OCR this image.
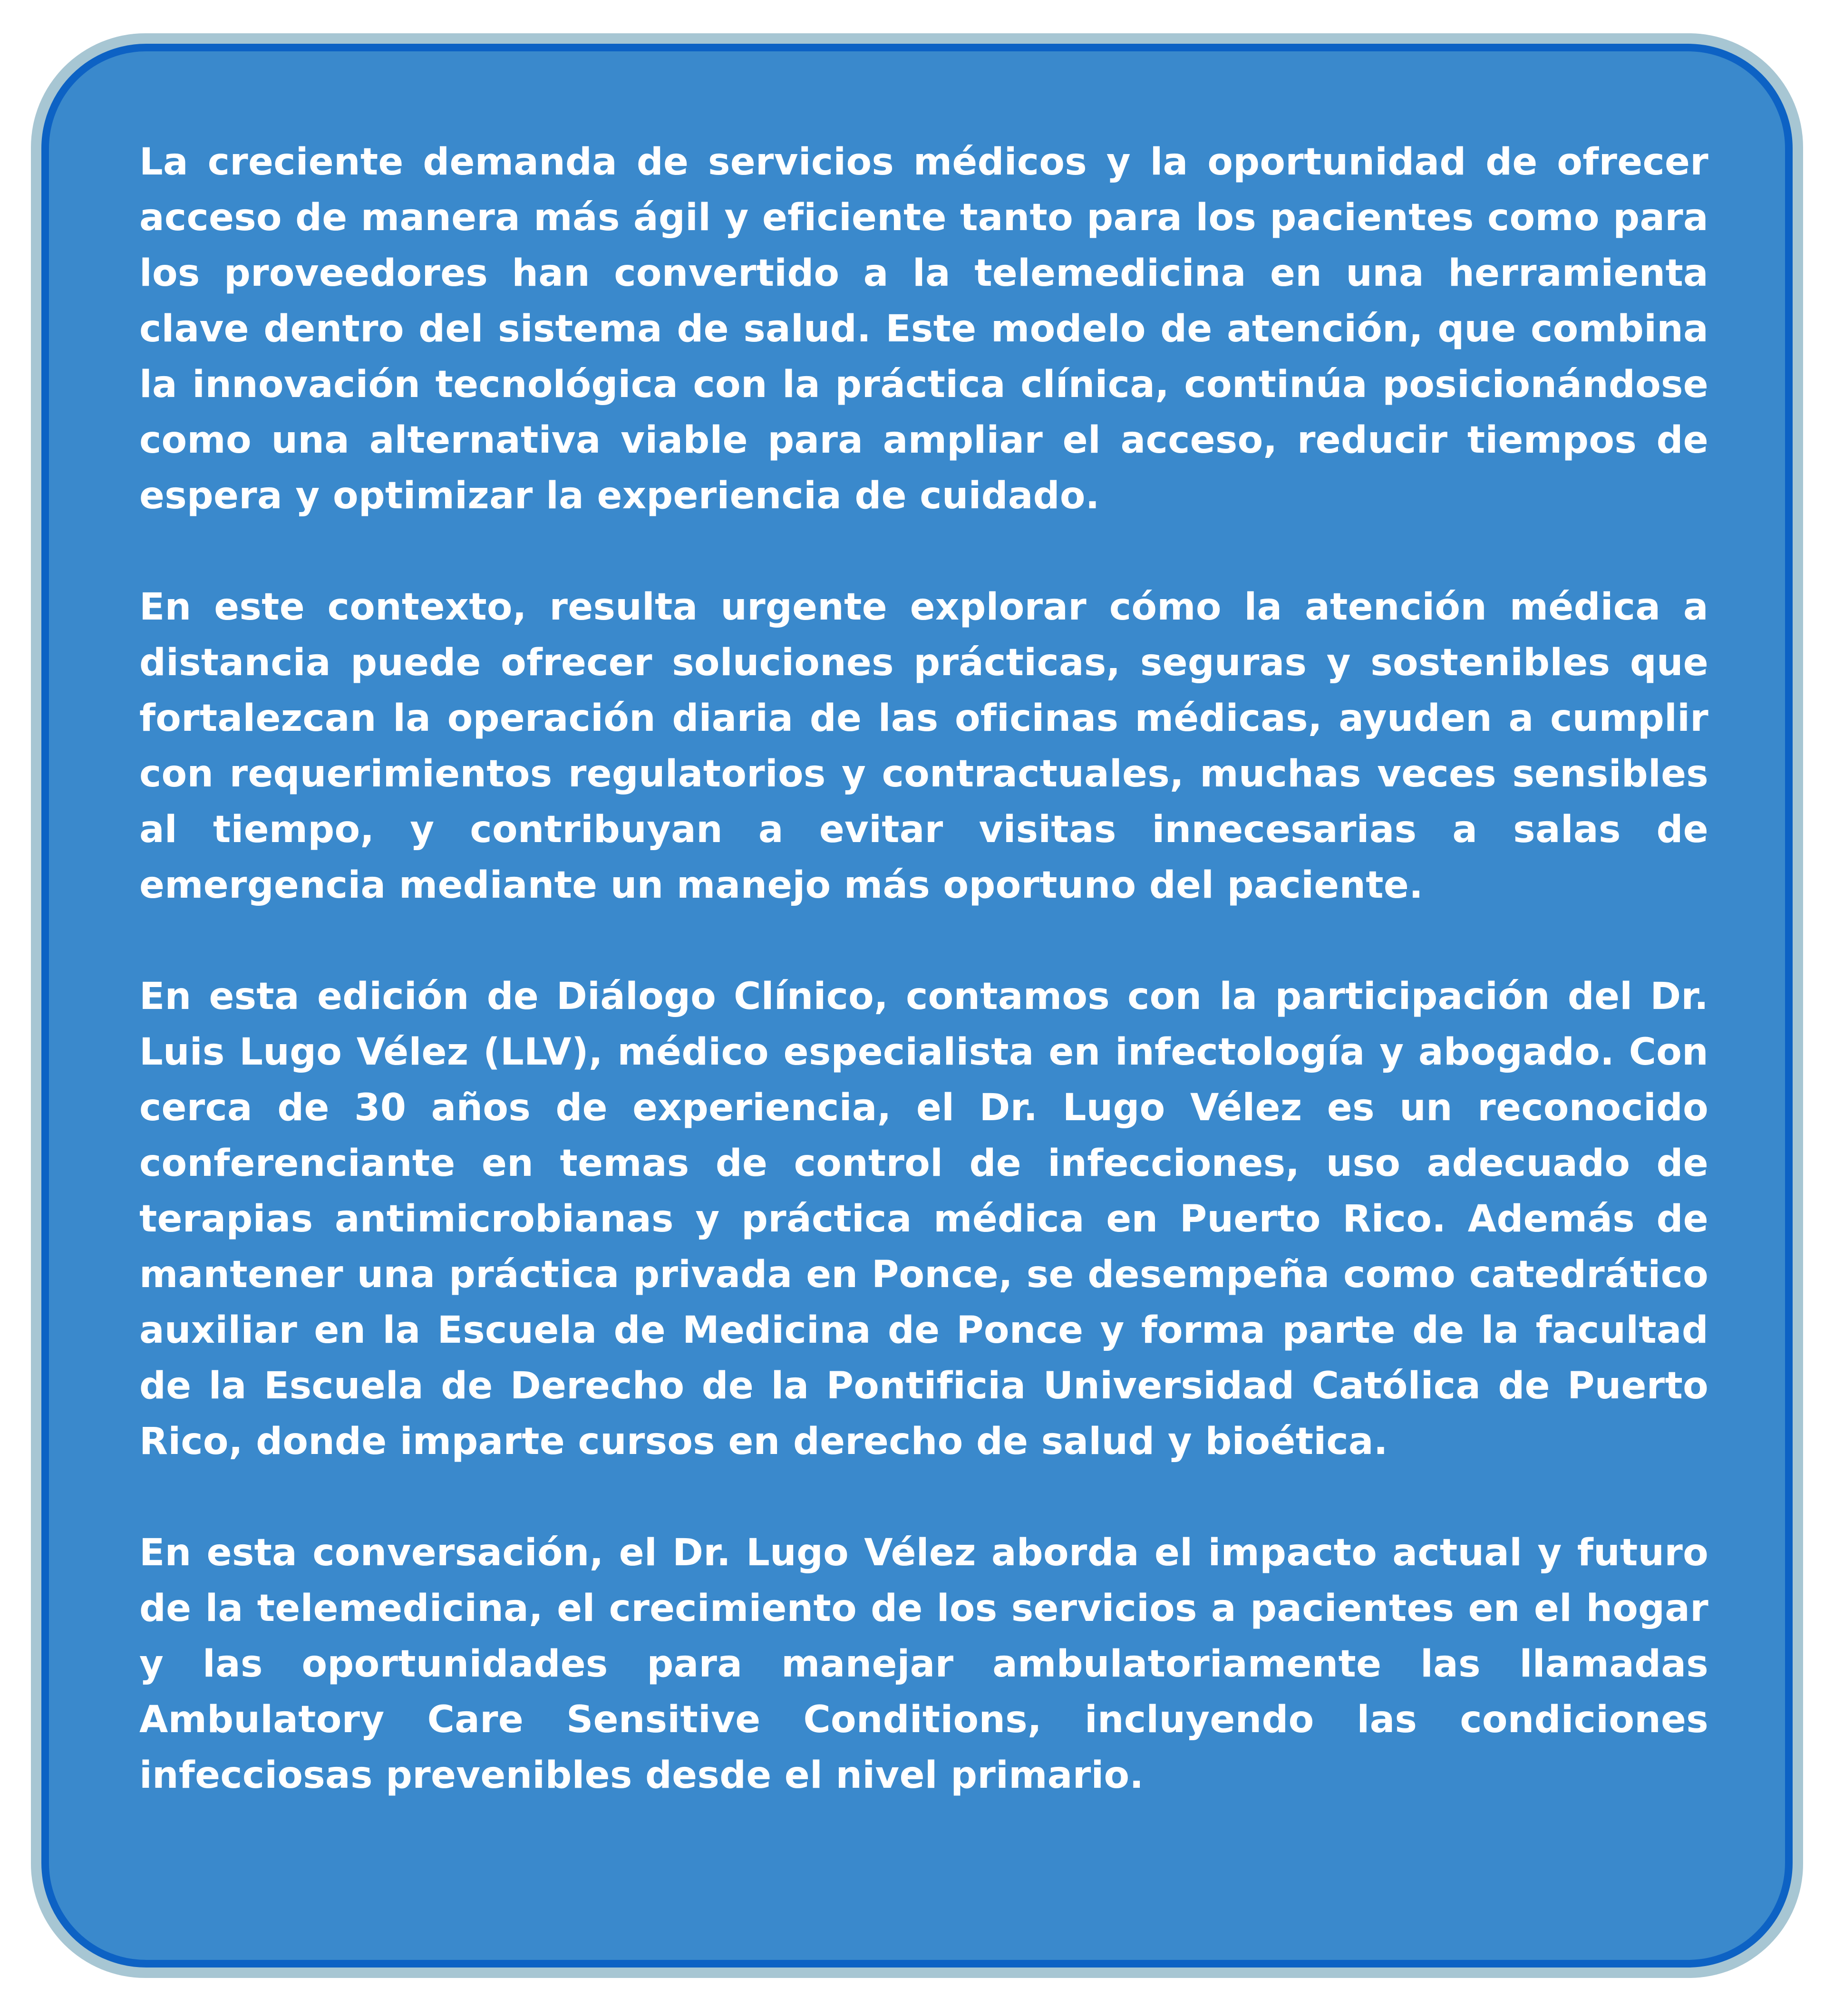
La creciente demanda de servicios médicos y la oportunidad de ofrecer acceso de manera más ágil y eficiente tanto para los pacientes como para los proveedores han convertido a la telemedicina en una herramienta clave dentro del sistema de salud. Este modelo de atención, que combina la innovación tecnológica con la práctica clínica, continúa posicionándose como una alternativa viable para ampliar el acceso, reducir tiempos de espera y optimizar la experiencia de cuidado.

En este contexto, resulta urgente explorar cómo la atención médica a distancia puede ofrecer soluciones prácticas, seguras y sostenibles que fortalezcan la operación diaria de las oficinas médicas, ayuden a cumplir con requerimientos regulatorios y contractuales, muchas veces sensibles al tiempo, y contribuyan a evitar visitas innecesarias a salas de emergencia mediante un manejo más oportuno del paciente.

En esta edición de Diálogo Clínico, contamos con la participación del Dr. Luis Lugo Vélez (LLV), médico especialista en infectología y abogado. Con cerca de 30 años de experiencia, el Dr. Lugo Vélez es un reconocido conferenciante en temas de control de infecciones, uso adecuado de terapias antimicrobianas y práctica médica en Puerto Rico. Además de mantener una práctica privada en Ponce, se desempeña como catedrático auxiliar en la Escuela de Medicina de Ponce y forma parte de la facultad de la Escuela de Derecho de la Pontificia Universidad Católica de Puerto Rico, donde imparte cursos en derecho de salud y bioética.

En esta conversación, el Dr. Lugo Vélez aborda el impacto actual y futuro de la telemedicina, el crecimiento de los servicios a pacientes en el hogar y las oportunidades para manejar ambulatoriamente las llamadas Ambulatory Care Sensitive Conditions, incluyendo las condiciones infecciosas prevenibles desde el nivel primario.
